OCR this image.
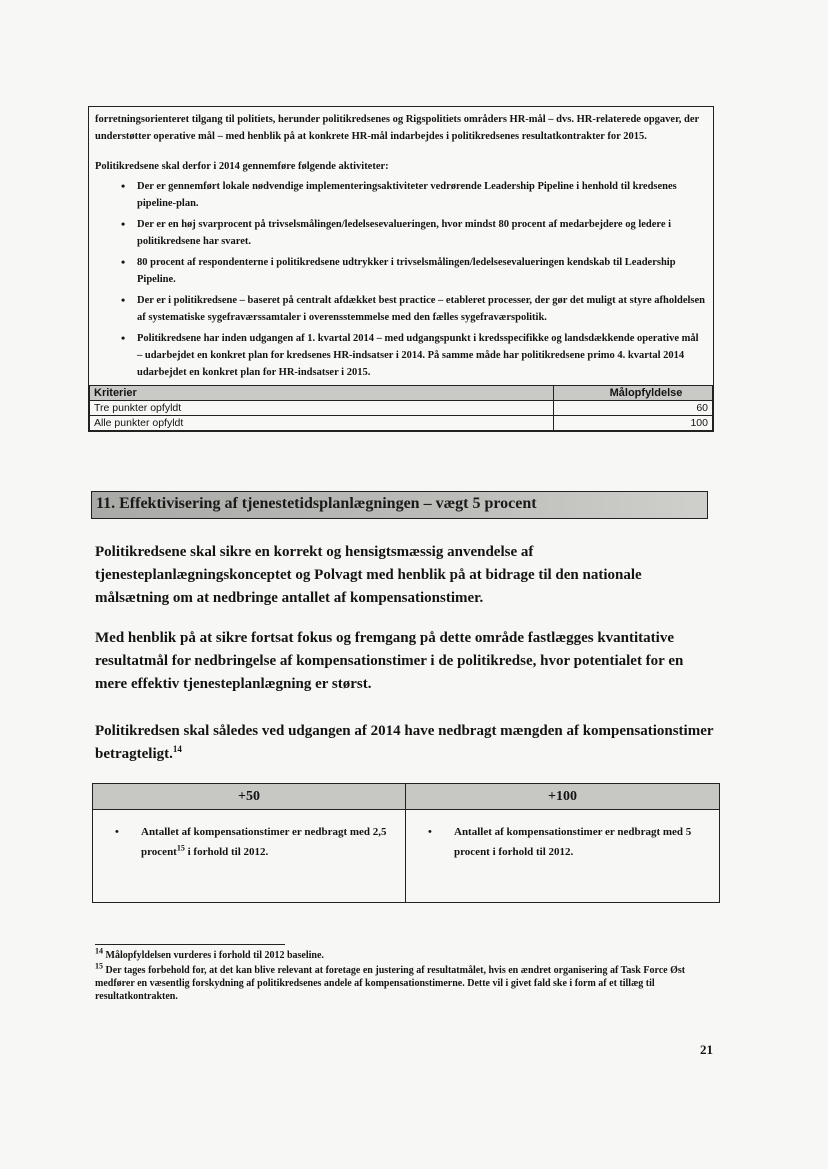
forretningsorienteret tilgang til politiets, herunder politikredsenes og Rigspolitiets områders HR-mål – dvs. HR-relaterede opgaver, der understøtter operative mål – med henblik på at konkrete HR-mål indarbejdes i politikredsenes resultatkontrakter for 2015.

Politikredsene skal derfor i 2014 gennemføre følgende aktiviteter:

• Der er gennemført lokale nødvendige implementeringsaktiviteter vedrørende Leadership Pipeline i henhold til kredsenes pipeline-plan.
• Der er en høj svarprocent på trivselsmålingen/ledelsesevalueringen, hvor mindst 80 procent af medarbejdere og ledere i politikredsene har svaret.
• 80 procent af respondenterne i politikredsene udtrykker i trivselsmålingen/ledelsesevalueringen kendskab til Leadership Pipeline.
• Der er i politikredsene – baseret på centralt afdækket best practice – etableret processer, der gør det muligt at styre afholdelsen af systematiske sygefraværssamtaler i overensstemmelse med den fælles sygefraværspolitik.
• Politikredsene har inden udgangen af 1. kvartal 2014 – med udgangspunkt i kredsspecifikke og landsdækkende operative mål – udarbejdet en konkret plan for kredsenes HR-indsatser i 2014. På samme måde har politikredsene primo 4. kvartal 2014 udarbejdet en konkret plan for HR-indsatser i 2015.
Kriterier	Målopfyldelse
Tre punkter opfyldt	60
Alle punkter opfyldt	100
11. Effektivisering af tjenestetidsplanlægningen – vægt 5 procent

Politikredsene skal sikre en korrekt og hensigtsmæssig anvendelse af tjenesteplanlægningskonceptet og Polvagt med henblik på at bidrage til den nationale målsætning om at nedbringe antallet af kompensationstimer.

Med henblik på at sikre fortsat fokus og fremgang på dette område fastlægges kvantitative resultatmål for nedbringelse af kompensationstimer i de politikredse, hvor potentialet for en mere effektiv tjenesteplanlægning er størst.

Politikredsen skal således ved udgangen af 2014 have nedbragt mængden af kompensationstimer betragteligt.$^{14}$

+50	+100

• Antallet af kompensationstimer er nedbragt med 2,5 procent$^{15}$ i forhold til 2012.	• Antallet af kompensationstimer er nedbragt med 5 procent i forhold til 2012.

$^{14}$ Målopfyldelsen vurderes i forhold til 2012 baseline.

$^{15}$ Der tages forbehold for, at det kan blive relevant at foretage en justering af resultatmålet, hvis en ændret organisering af Task Force Øst medfører en væsentlig forskydning af politikredsenes andele af kompensationstimerne. Dette vil i givet fald ske i form af et tillæg til resultatkontrakten.

21
